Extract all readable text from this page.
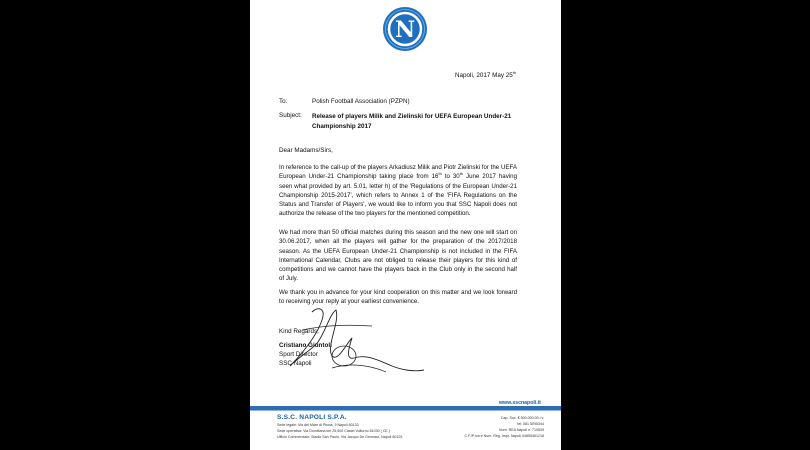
N
Napoli, 2017 May 25th
To:	Polish Football Association (PZPN)
Subject: Release of players Milik and Zielinski for UEFA European Under-21 Championship 2017
Dear Madams/Sirs,
In reference to the call-up of the players Arkadiusz Milik and Piotr Zielinski for the UEFA European Under-21 Championship taking place from 16th to 30th June 2017 having seen what provided by art. 5.01, letter h) of the 'Regulations of the European Under-21 Championship 2015-2017', which refers to Annex 1 of the 'FIFA Regulations on the Status and Transfer of Players', we would like to inform you that SSC Napoli does not authorize the release of the two players for the mentioned competition.
We had more than 50 official matches during this season and the new one will start on 30.06.2017, when all the players will gather for the preparation of the 2017/2018 season. As the UEFA European Under-21 Championship is not included in the FIFA International Calendar, Clubs are not obliged to release their players for this kind of competitions and we cannot have the players back in the Club only in the second half of July.
We thank you in advance for your kind cooperation on this matter and we look forward to receiving your reply at your earliest convenience.
Kind Regards,
Cristiano Giuntoli
Sport Director
SSC Napoli
www.sscnapoli.it
S.S.C. NAPOLI S.P.A.
Sede legale: Via del Mare di Piscia, 9 Napoli 80133
Sede operativa: Via Domitiana km 25,500 Castel Volturno 81030 ( CE )
Ufficio Commerciale: Stadio San Paolo, Via Jacopo De Gennaro, Napoli 80125
Cap. Soc. € 500.000,00 i.v.
tel: 081 5095344
Num. REA Napoli n. 710839
C.F./P.Iva e Num. Reg. Impr. Napoli 04855461218
